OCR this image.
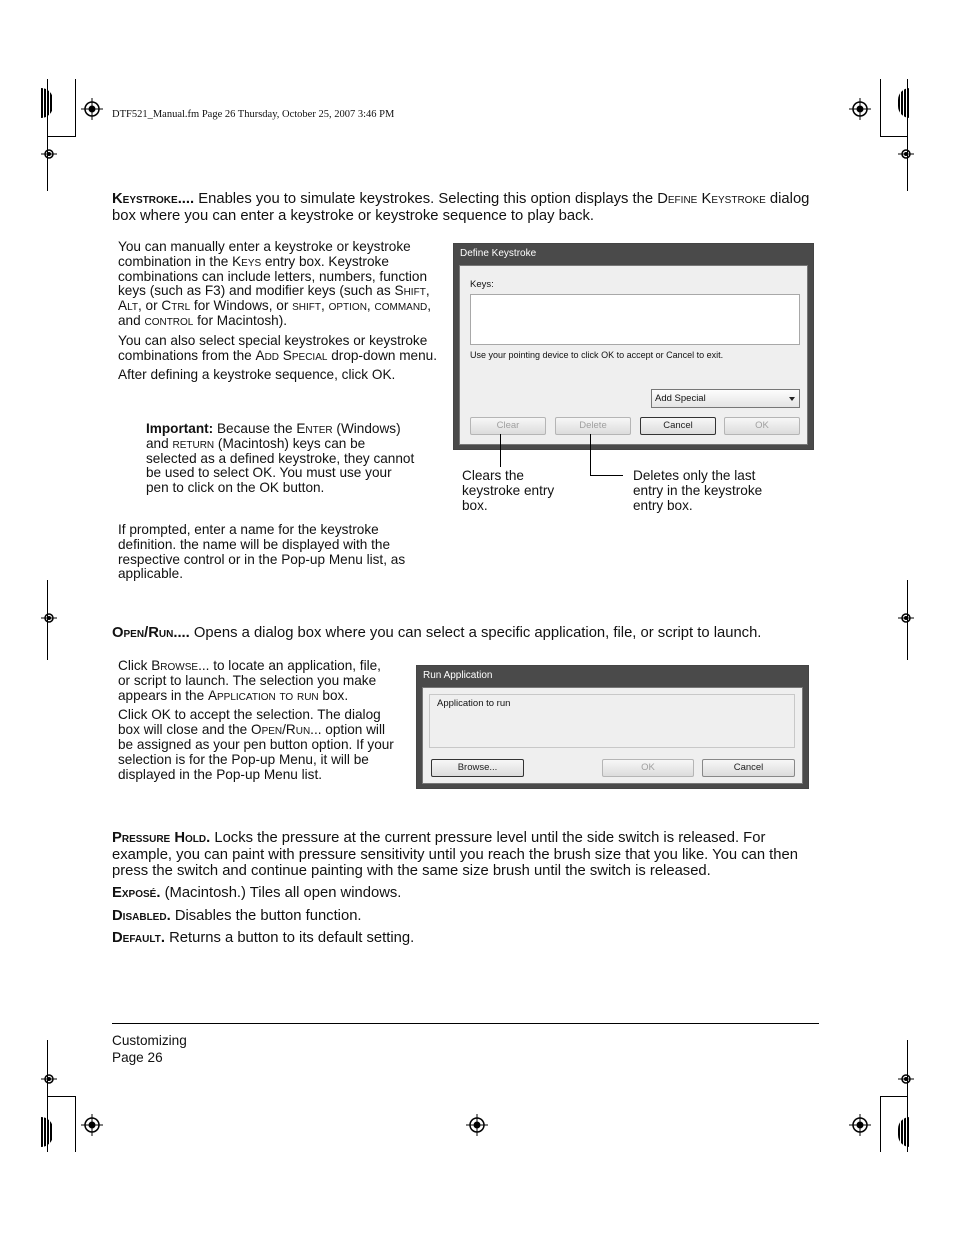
DTF521_Manual.fm Page 26 Thursday, October 25, 2007 3:46 PM
Keystroke.... Enables you to simulate keystrokes. Selecting this option displays the Define Keystroke dialog box where you can enter a keystroke or keystroke sequence to play back.

You can manually enter a keystroke or keystroke combination in the Keys entry box. Keystroke combinations can include letters, numbers, function keys (such as F3) and modifier keys (such as Shift, Alt, or Ctrl for Windows, or shift, option, command, and control for Macintosh).

You can also select special keystrokes or keystroke combinations from the Add Special drop-down menu.

After defining a keystroke sequence, click OK.

Important: Because the Enter (Windows) and return (Macintosh) keys can be selected as a defined keystroke, they cannot be used to select OK. You must use your pen to click on the OK button.
If prompted, enter a name for the keystroke definition. the name will be displayed with the respective control or in the Pop-up Menu list, as applicable.
Define Keystroke
Keys:
Use your pointing device to click OK to accept or Cancel to exit.
Add Special
Clear	Delete	Cancel	OK
Clears the keystroke entry box.
Deletes only the last entry in the keystroke entry box.
Open/Run.... Opens a dialog box where you can select a specific application, file, or script to launch.

Click Browse... to locate an application, file, or script to launch. The selection you make appears in the Application to run box.

Click OK to accept the selection. The dialog box will close and the Open/Run... option will be assigned as your pen button option. If your selection is for the Pop-up Menu, it will be displayed in the Pop-up Menu list.

Run Application
Application to run
Browse...	OK	Cancel
Pressure Hold. Locks the pressure at the current pressure level until the side switch is released. For example, you can paint with pressure sensitivity until you reach the brush size that you like. You can then press the switch and continue painting with the same size brush until the switch is released.
Exposé. (Macintosh.) Tiles all open windows.
Disabled. Disables the button function.
Default. Returns a button to its default setting.
Customizing
Page 26
